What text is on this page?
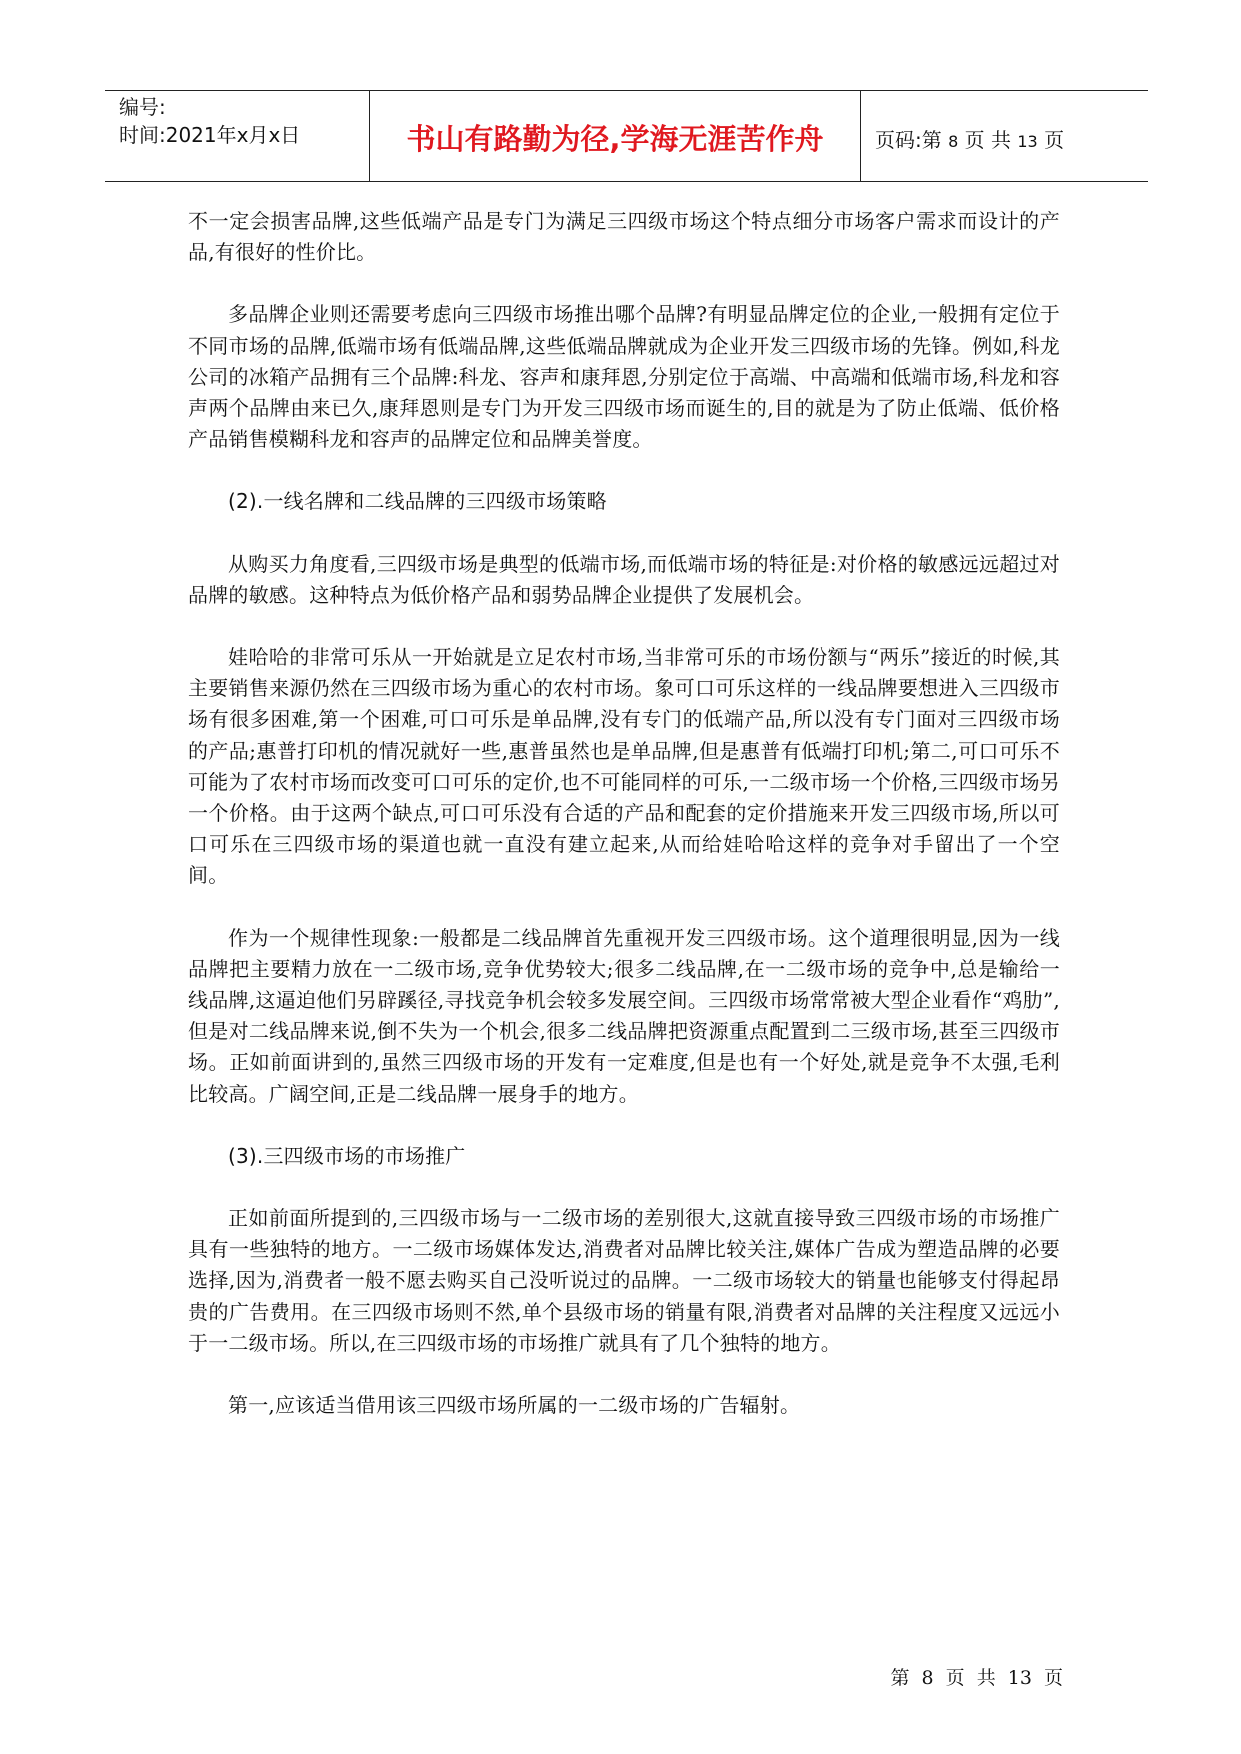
编号:
时间:2021年x月x日	书山有路勤为径,学海无涯苦作舟	页码:第 8 页 共 13 页

不一定会损害品牌,这些低端产品是专门为满足三四级市场这个特点细分市场客户需求而设计的产品,有很好的性价比。

多品牌企业则还需要考虑向三四级市场推出哪个品牌?有明显品牌定位的企业,一般拥有定位于不同市场的品牌,低端市场有低端品牌,这些低端品牌就成为企业开发三四级市场的先锋。例如,科龙公司的冰箱产品拥有三个品牌:科龙、容声和康拜恩,分别定位于高端、中高端和低端市场,科龙和容声两个品牌由来已久,康拜恩则是专门为开发三四级市场而诞生的,目的就是为了防止低端、低价格产品销售模糊科龙和容声的品牌定位和品牌美誉度。

(2).一线名牌和二线品牌的三四级市场策略

从购买力角度看,三四级市场是典型的低端市场,而低端市场的特征是:对价格的敏感远远超过对品牌的敏感。这种特点为低价格产品和弱势品牌企业提供了发展机会。

娃哈哈的非常可乐从一开始就是立足农村市场,当非常可乐的市场份额与“两乐”接近的时候,其主要销售来源仍然在三四级市场为重心的农村市场。象可口可乐这样的一线品牌要想进入三四级市场有很多困难,第一个困难,可口可乐是单品牌,没有专门的低端产品,所以没有专门面对三四级市场的产品;惠普打印机的情况就好一些,惠普虽然也是单品牌,但是惠普有低端打印机;第二,可口可乐不可能为了农村市场而改变可口可乐的定价,也不可能同样的可乐,一二级市场一个价格,三四级市场另一个价格。由于这两个缺点,可口可乐没有合适的产品和配套的定价措施来开发三四级市场,所以可口可乐在三四级市场的渠道也就一直没有建立起来,从而给娃哈哈这样的竞争对手留出了一个空间。

作为一个规律性现象:一般都是二线品牌首先重视开发三四级市场。这个道理很明显,因为一线品牌把主要精力放在一二级市场,竞争优势较大;很多二线品牌,在一二级市场的竞争中,总是输给一线品牌,这逼迫他们另辟蹊径,寻找竞争机会较多发展空间。三四级市场常常被大型企业看作“鸡肋”,但是对二线品牌来说,倒不失为一个机会,很多二线品牌把资源重点配置到二三级市场,甚至三四级市场。正如前面讲到的,虽然三四级市场的开发有一定难度,但是也有一个好处,就是竞争不太强,毛利比较高。广阔空间,正是二线品牌一展身手的地方。

(3).三四级市场的市场推广

正如前面所提到的,三四级市场与一二级市场的差别很大,这就直接导致三四级市场的市场推广具有一些独特的地方。一二级市场媒体发达,消费者对品牌比较关注,媒体广告成为塑造品牌的必要选择,因为,消费者一般不愿去购买自己没听说过的品牌。一二级市场较大的销量也能够支付得起昂贵的广告费用。在三四级市场则不然,单个县级市场的销量有限,消费者对品牌的关注程度又远远小于一二级市场。所以,在三四级市场的市场推广就具有了几个独特的地方。

第一,应该适当借用该三四级市场所属的一二级市场的广告辐射。

第 8 页 共 13 页
